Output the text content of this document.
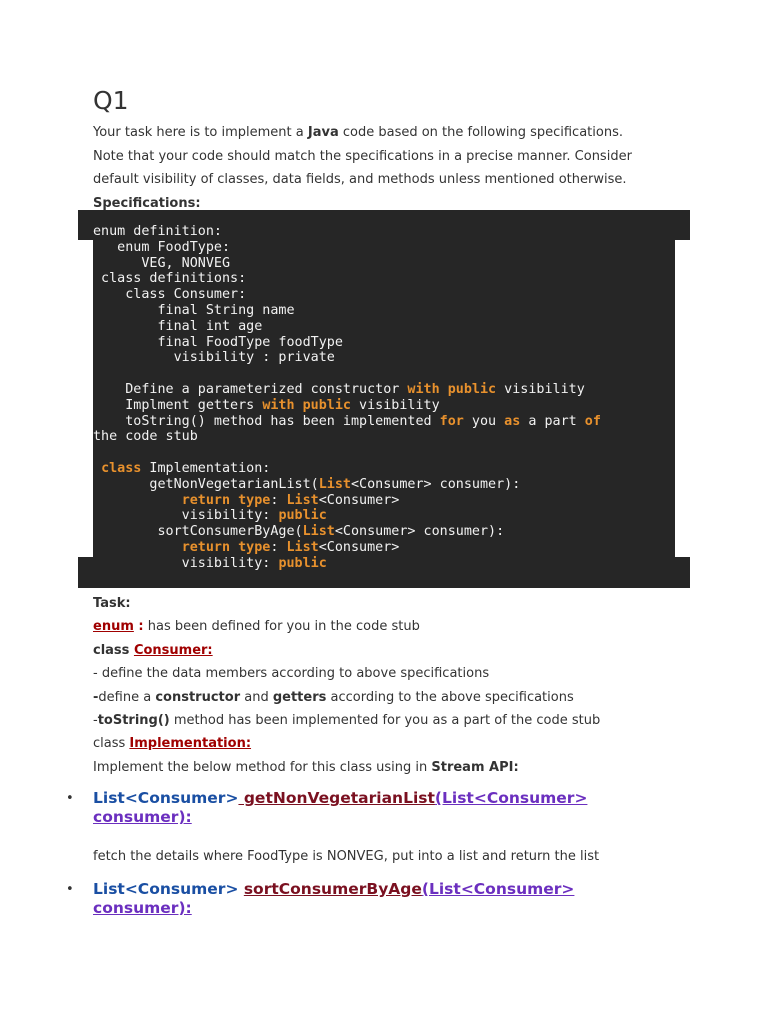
Q1

Your task here is to implement a Java code based on the following specifications.

Note that your code should match the specifications in a precise manner. Consider

default visibility of classes, data fields, and methods unless mentioned otherwise.

Specifications:

enum definition:
enum FoodType:
VEG, NONVEG
class definitions:
class Consumer:
final String name
final int age
final FoodType foodType
visibility : private

Define a parameterized constructor with public visibility
Implment getters with public visibility
toString() method has been implemented for you as a part of
the code stub

class Implementation:
getNonVegetarianList(List<Consumer> consumer):
return type: List<Consumer>
visibility: public
sortConsumerByAge(List<Consumer> consumer):
return type: List<Consumer>
visibility: public

Task:

enum : has been defined for you in the code stub

class Consumer:

- define the data members according to above specifications

-define a constructor and getters according to the above specifications

-toString() method has been implemented for you as a part of the code stub

class Implementation:

Implement the below method for this class using in Stream API:

• List<Consumer> getNonVegetarianList(List<Consumer>
consumer):

fetch the details where FoodType is NONVEG, put into a list and return the list

• List<Consumer> sortConsumerByAge(List<Consumer>
consumer):
